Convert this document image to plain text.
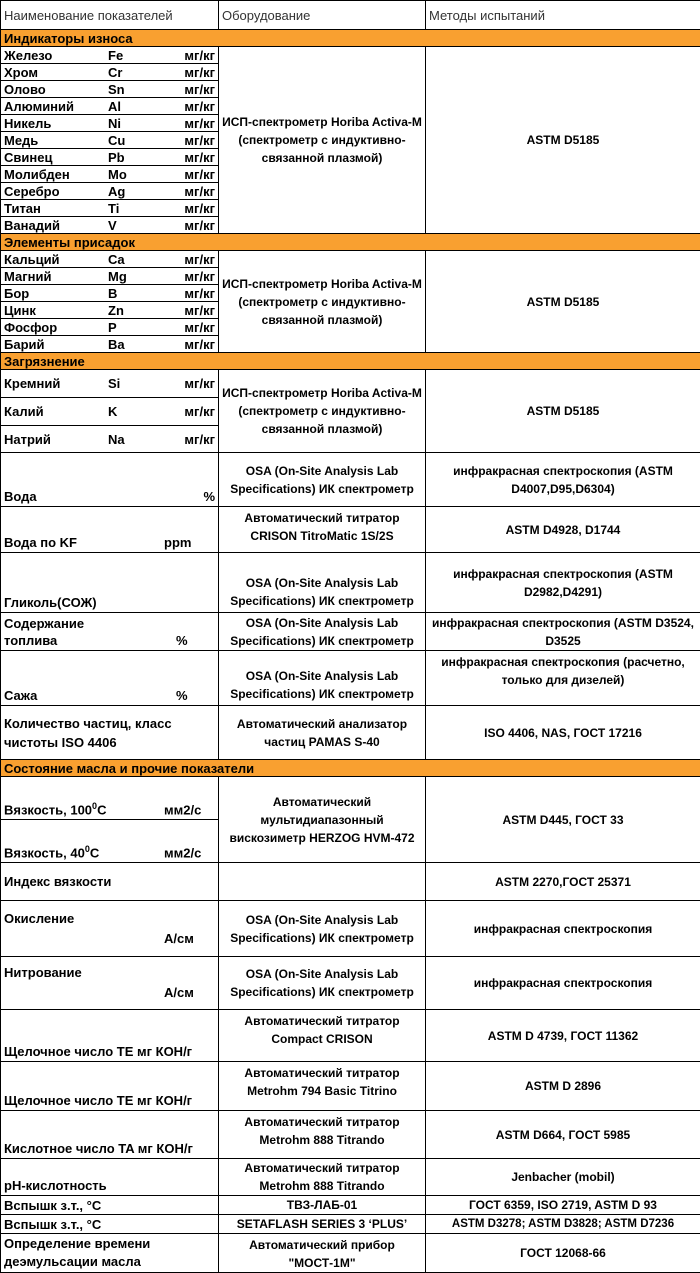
Наименование показателей	Оборудование	Методы испытаний
Индикаторы износа		
Железо Fe мг/кг	ИСП-спектрометр Horiba Activa-M (спектрометр с индуктивно-связанной плазмой)	ASTM D5185
Хром Cr мг/кг		

Олово Sn мг/кг		

Алюминий Al мг/кг		

Никель Ni мг/кг		

Медь Cu мг/кг		

Свинец Pb мг/кг		

Молибден Mo мг/кг		

Серебро Ag мг/кг		

Титан Ti мг/кг		

Ванадий V мг/кг		

Элементы присадок		
Кальций Ca мг/кг	ИСП-спектрометр Horiba Activa-M (спектрометр с индуктивно-связанной плазмой)	ASTM D5185
Магний Mg мг/кг		

Бор B мг/кг		

Цинк Zn мг/кг		

Фосфор P мг/кг		

Барий Ba мг/кг		

Загрязнение		
Кремний Si мг/кг	ИСП-спектрометр Horiba Activa-M (спектрометр с индуктивно-связанной плазмой)	ASTM D5185
Калий K мг/кг		

Натрий Na мг/кг		

Вода %	OSA (On-Site Analysis Lab Specifications) ИК спектрометр	инфракрасная спектроскопия (ASTM D4007,D95,D6304)
Вода по KF ppm	Автоматический титратор CRISON TitroMatic 1S/2S	ASTM D4928, D1744
Гликоль(СОЖ)	OSA (On-Site Analysis Lab Specifications) ИК спектрометр	инфракрасная спектроскопия (ASTM D2982,D4291)

Содержание
топлива %	OSA (On-Site Analysis Lab Specifications) ИК спектрометр	инфракрасная спектроскопия (ASTM D3524, D3525
Сажа %	OSA (On-Site Analysis Lab Specifications) ИК спектрометр	инфракрасная спектроскопия (расчетно, только для дизелей)

Количество частиц, класс
чистоты ISO 4406	Автоматический анализатор частиц PAMAS S-40	ISO 4406, NAS, ГОСТ 17216
Состояние масла и прочие показатели		
Вязкость, $100^0C$ мм2/с	Автоматический мультидиапазонный вискозиметр HERZOG HVM-472	ASTM D445, ГОСТ 33
Вязкость, $40^0C$ мм2/с		
Индекс вязкости		ASTM 2270,ГОСТ 25371

Окисление
А/см	OSA (On-Site Analysis Lab Specifications) ИК спектрометр	инфракрасная спектроскопия

Нитрование
А/см	OSA (On-Site Analysis Lab Specifications) ИК спектрометр	инфракрасная спектроскопия
Щелочное число TE мг КОН/г	Автоматический титратор Compact CRISON	ASTM D 4739, ГОСТ 11362
Щелочное число TE мг КОН/г	Автоматический титратор Metrohm 794 Basic Titrino	ASTM D 2896
Кислотное число TA мг КОН/г	Автоматический титратор Metrohm 888 Titrando	ASTM D664, ГОСТ 5985
pH-кислотность	Автоматический титратор Metrohm 888 Titrando	Jenbacher (mobil)
Вспышк з.т., °С	ТВЗ-ЛАБ-01	ГОСТ 6359, ISO 2719, ASTM D 93
Вспышк з.т., °С	SETAFLASH SERIES 3 ‘PLUS’	ASTM D3278; ASTM D3828; ASTM D7236

Определение времени
деэмульсации масла	Автоматический прибор "МОСТ-1М"	ГОСТ 12068-66
